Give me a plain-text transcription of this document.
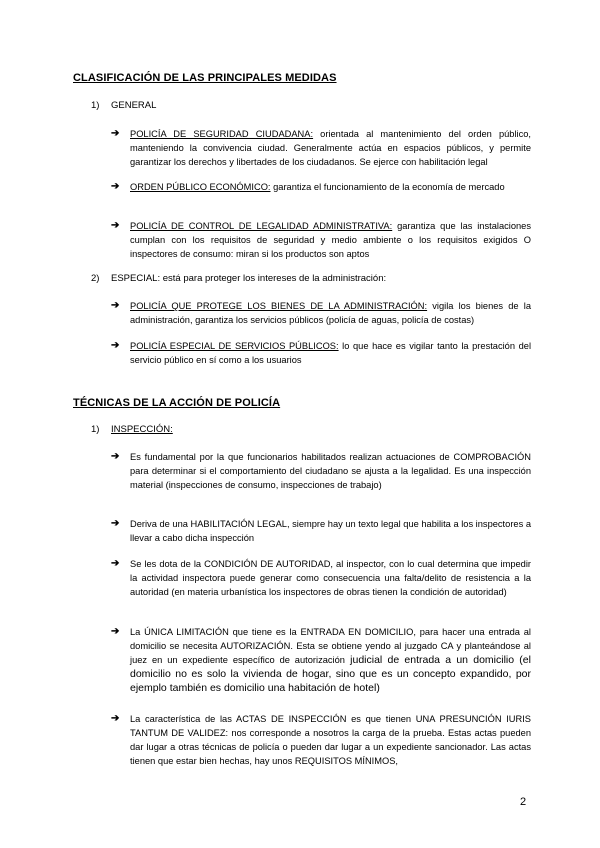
CLASIFICACIÓN DE LAS PRINCIPALES MEDIDAS
1) GENERAL
➔ POLICÍA DE SEGURIDAD CIUDADANA: orientada al mantenimiento del orden público, manteniendo la convivencia ciudad. Generalmente actúa en espacios públicos, y permite garantizar los derechos y libertades de los ciudadanos. Se ejerce con habilitación legal
➔ ORDEN PÚBLICO ECONÓMICO: garantiza el funcionamiento de la economía de mercado
➔ POLICÍA DE CONTROL DE LEGALIDAD ADMINISTRATIVA: garantiza que las instalaciones cumplan con los requisitos de seguridad y medio ambiente o los requisitos exigidos O inspectores de consumo: miran si los productos son aptos
2) ESPECIAL: está para proteger los intereses de la administración:
➔ POLICÍA QUE PROTEGE LOS BIENES DE LA ADMINISTRACIÓN: vigila los bienes de la administración, garantiza los servicios públicos (policía de aguas, policía de costas)
➔ POLICÍA ESPECIAL DE SERVICIOS PÚBLICOS: lo que hace es vigilar tanto la prestación del servicio público en sí como a los usuarios
TÉCNICAS DE LA ACCIÓN DE POLICÍA
1) INSPECCIÓN:
➔ Es fundamental por la que funcionarios habilitados realizan actuaciones de COMPROBACIÓN para determinar si el comportamiento del ciudadano se ajusta a la legalidad. Es una inspección material (inspecciones de consumo, inspecciones de trabajo)
➔ Deriva de una HABILITACIÓN LEGAL, siempre hay un texto legal que habilita a los inspectores a llevar a cabo dicha inspección
➔ Se les dota de la CONDICIÓN DE AUTORIDAD, al inspector, con lo cual determina que impedir la actividad inspectora puede generar como consecuencia una falta/delito de resistencia a la autoridad (en materia urbanística los inspectores de obras tienen la condición de autoridad)
➔ La ÚNICA LIMITACIÓN que tiene es la ENTRADA EN DOMICILIO, para hacer una entrada al domicilio se necesita AUTORIZACIÓN. Esta se obtiene yendo al juzgado CA y planteándose al juez en un expediente específico de autorización judicial de entrada a un domicilio (el domicilio no es solo la vivienda de hogar, sino que es un concepto expandido, por ejemplo también es domicilio una habitación de hotel)
➔ La característica de las ACTAS DE INSPECCIÓN es que tienen UNA PRESUNCIÓN IURIS TANTUM DE VALIDEZ: nos corresponde a nosotros la carga de la prueba. Estas actas pueden dar lugar a otras técnicas de policía o pueden dar lugar a un expediente sancionador. Las actas tienen que estar bien hechas, hay unos REQUISITOS MÍNIMOS,
2
